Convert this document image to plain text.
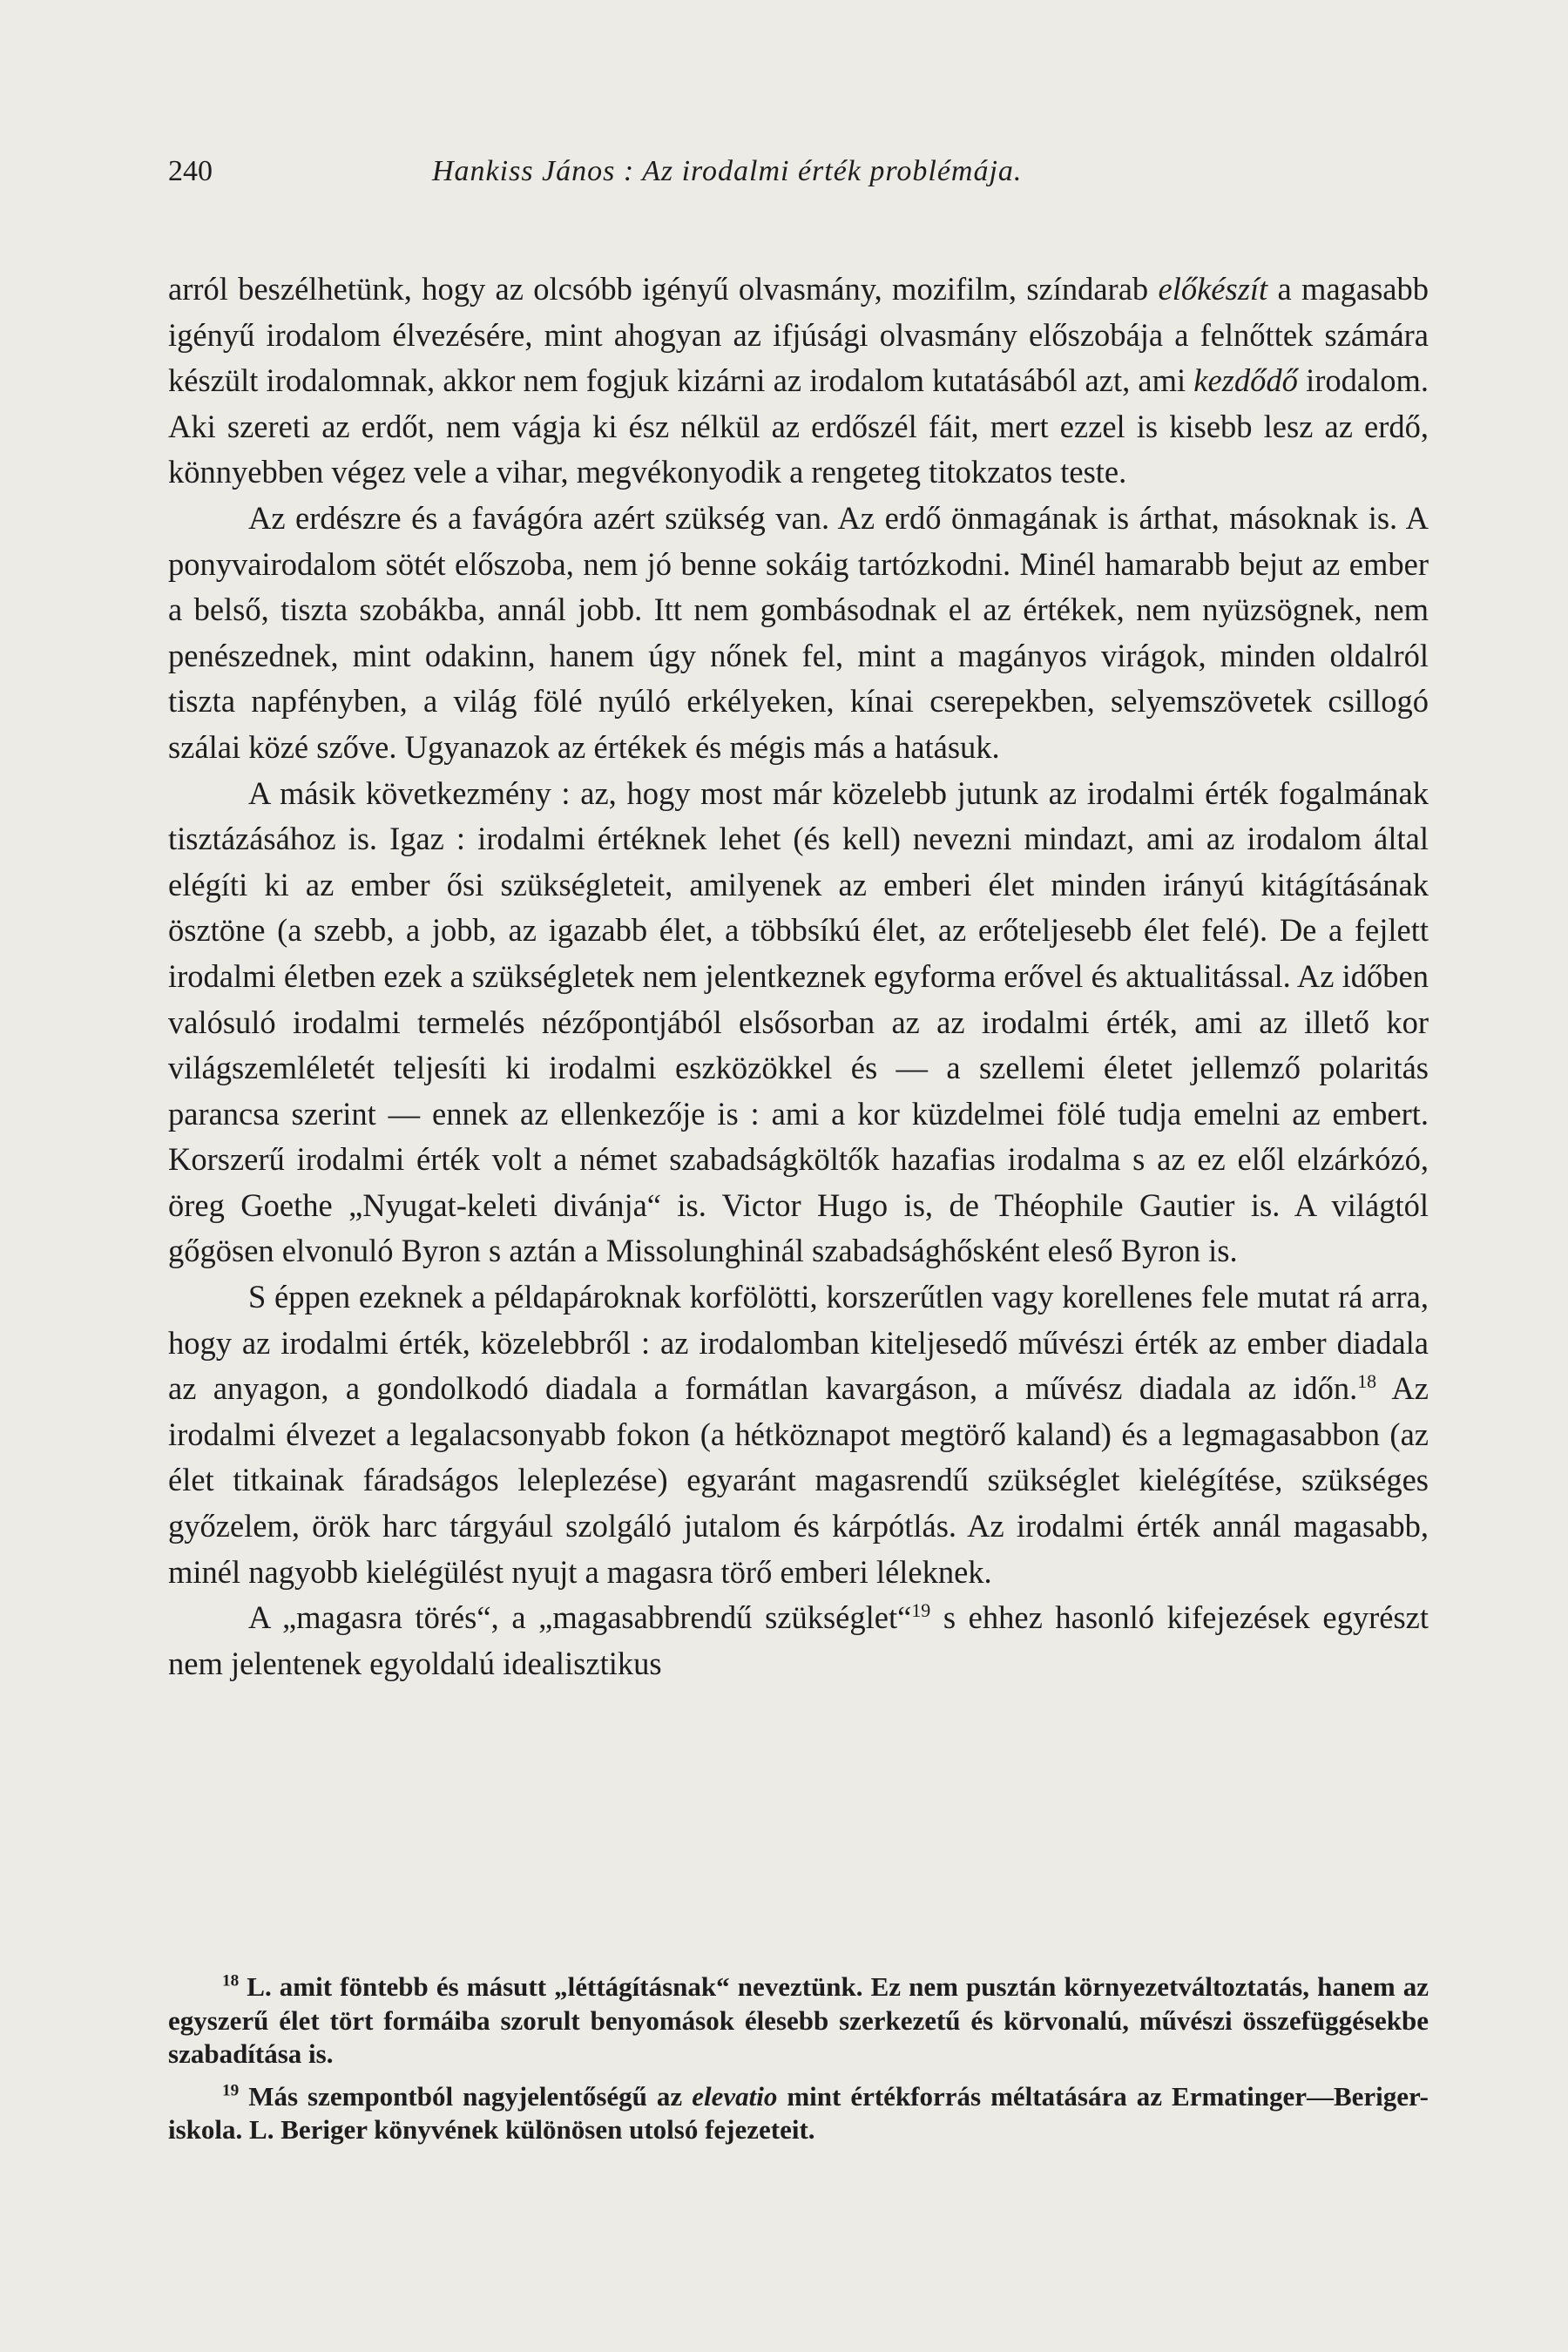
240	Hankiss János : Az irodalmi érték problémája.

arról beszélhetünk, hogy az olcsóbb igényű olvasmány, mozifilm, színdarab előkészít a magasabb igényű irodalom élvezésére, mint ahogyan az ifjúsági olvasmány előszobája a felnőttek számára készült irodalomnak, akkor nem fogjuk kizárni az irodalom kutatásából azt, ami kezdődő irodalom. Aki szereti az erdőt, nem vágja ki ész nélkül az erdőszél fáit, mert ezzel is kisebb lesz az erdő, könnyebben végez vele a vihar, megvékonyodik a rengeteg titokzatos teste.

Az erdészre és a favágóra azért szükség van. Az erdő önmagának is árthat, másoknak is. A ponyvairodalom sötét előszoba, nem jó benne sokáig tartózkodni. Minél hamarabb bejut az ember a belső, tiszta szobákba, annál jobb. Itt nem gombásodnak el az értékek, nem nyüzsögnek, nem penészednek, mint odakinn, hanem úgy nőnek fel, mint a magányos virágok, minden oldalról tiszta napfényben, a világ fölé nyúló erkélyeken, kínai cserepekben, selyemszövetek csillogó szálai közé szőve. Ugyanazok az értékek és mégis más a hatásuk.

A másik következmény : az, hogy most már közelebb jutunk az irodalmi érték fogalmának tisztázásához is. Igaz : irodalmi értéknek lehet (és kell) nevezni mindazt, ami az irodalom által elégíti ki az ember ősi szükségleteit, amilyenek az emberi élet minden irányú kitágításának ösztöne (a szebb, a jobb, az igazabb élet, a többsíkú élet, az erőteljesebb élet felé). De a fejlett irodalmi életben ezek a szükségletek nem jelentkeznek egyforma erővel és aktualitással. Az időben valósuló irodalmi termelés nézőpontjából elsősorban az az irodalmi érték, ami az illető kor világszemléletét teljesíti ki irodalmi eszközökkel és — a szellemi életet jellemző polaritás parancsa szerint — ennek az ellenkezője is : ami a kor küzdelmei fölé tudja emelni az embert. Korszerű irodalmi érték volt a német szabadságköltők hazafias irodalma s az ez elől elzárkózó, öreg Goethe „Nyugat-keleti divánja“ is. Victor Hugo is, de Théophile Gautier is. A világtól gőgösen elvonuló Byron s aztán a Missolunghinál szabadsághősként eleső Byron is.

S éppen ezeknek a példapároknak korfölötti, korszerűtlen vagy korellenes fele mutat rá arra, hogy az irodalmi érték, közelebbről : az irodalomban kiteljesedő művészi érték az ember diadala az anyagon, a gondolkodó diadala a formátlan kavargáson, a művész diadala az időn.$^{18}$ Az irodalmi élvezet a legalacsonyabb fokon (a hétköznapot megtörő kaland) és a legmagasabbon (az élet titkainak fáradságos leleplezése) egyaránt magasrendű szükséglet kielégítése, szükséges győzelem, örök harc tárgyául szolgáló jutalom és kárpótlás. Az irodalmi érték annál magasabb, minél nagyobb kielégülést nyujt a magasra törő emberi léleknek.

A „magasra törés“, a „magasabbrendű szükséglet“$^{19}$ s ehhez hasonló kifejezések egyrészt nem jelentenek egyoldalú idealisztikus

$^{18}$ L. amit föntebb és másutt „léttágításnak“ neveztünk. Ez nem pusztán környezetváltoztatás, hanem az egyszerű élet tört formáiba szorult benyomások élesebb szerkezetű és körvonalú, művészi összefüggésekbe szabadítása is.

$^{19}$ Más szempontból nagyjelentőségű az elevatio mint értékforrás méltatására az Ermatinger—Beriger-iskola. L. Beriger könyvének különösen utolsó fejezeteit.
